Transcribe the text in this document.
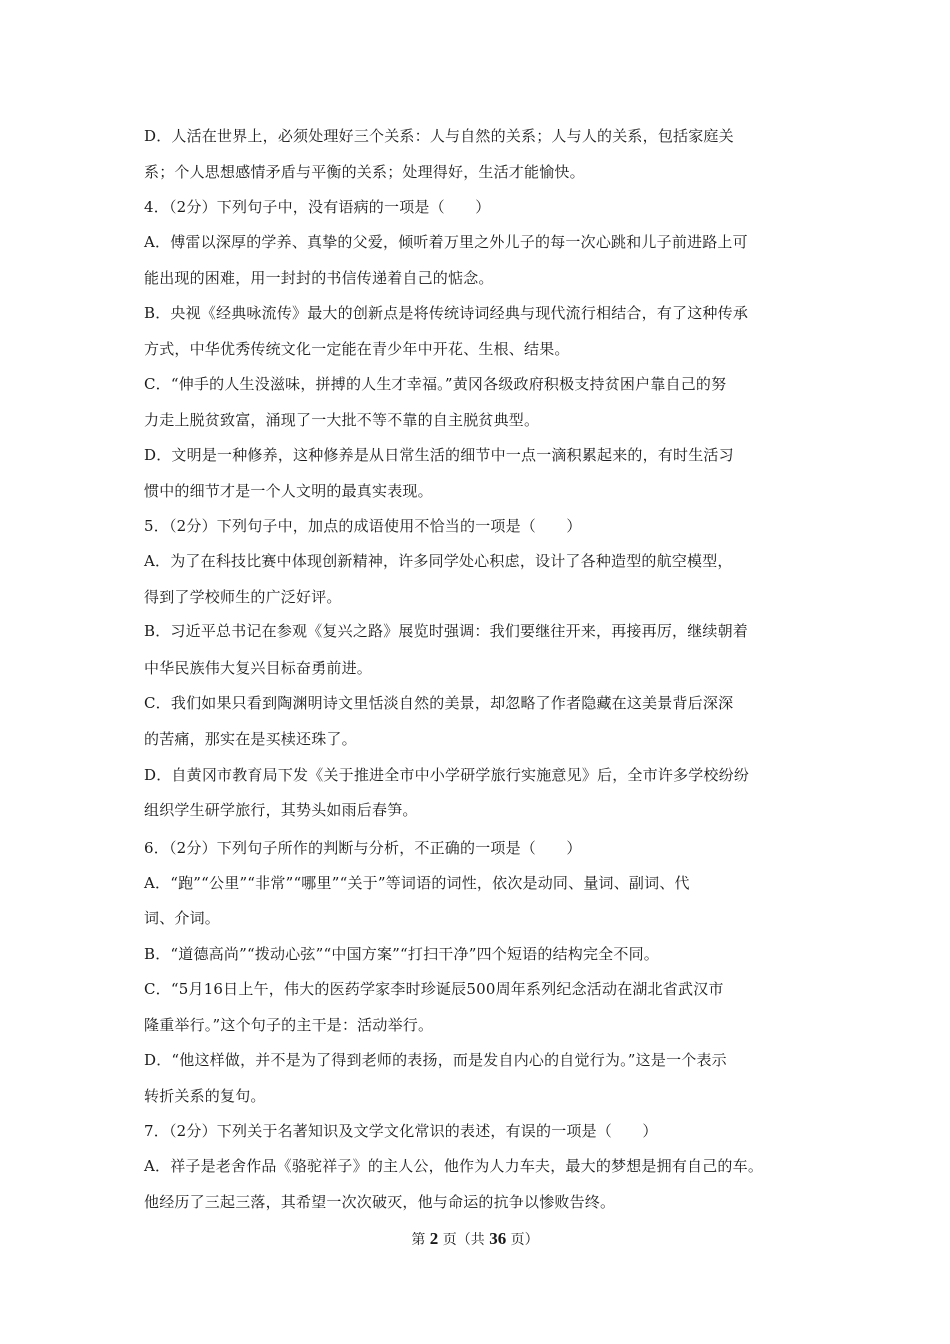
D．人活在世界上，必须处理好三个关系：人与自然的关系；人与人的关系，包括家庭关
系；个人思想感情矛盾与平衡的关系；处理得好，生活才能愉快。
4．（2分）下列句子中，没有语病的一项是（　　）
A．傅雷以深厚的学养、真挚的父爱，倾听着万里之外儿子的每一次心跳和儿子前进路上可
能出现的困难，用一封封的书信传递着自己的惦念。
B．央视《经典咏流传》最大的创新点是将传统诗词经典与现代流行相结合，有了这种传承
方式，中华优秀传统文化一定能在青少年中开花、生根、结果。
C．“伸手的人生没滋味，拼搏的人生才幸福。”黄冈各级政府积极支持贫困户靠自己的努
力走上脱贫致富，涌现了一大批不等不靠的自主脱贫典型。
D．文明是一种修养，这种修养是从日常生活的细节中一点一滴积累起来的，有时生活习
惯中的细节才是一个人文明的最真实表现。
5．（2分）下列句子中，加点的成语使用不恰当的一项是（　　）
A．为了在科技比赛中体现创新精神，许多同学处心积虑，设计了各种造型的航空模型，
得到了学校师生的广泛好评。
B．习近平总书记在参观《复兴之路》展览时强调：我们要继往开来，再接再厉，继续朝着
中华民族伟大复兴目标奋勇前进。
C．我们如果只看到陶渊明诗文里恬淡自然的美景，却忽略了作者隐藏在这美景背后深深
的苦痛，那实在是买椟还珠了。
D．自黄冈市教育局下发《关于推进全市中小学研学旅行实施意见》后，全市许多学校纷纷
组织学生研学旅行，其势头如雨后春笋。
6．（2分）下列句子所作的判断与分析，不正确的一项是（　　）
A．“跑”“公里”“非常”“哪里”“关于”等词语的词性，依次是动同、量词、副词、代
词、介词。
B．“道德高尚”“拨动心弦”“中国方案”“打扫干净”四个短语的结构完全不同。
C．“5月16日上午，伟大的医药学家李时珍诞辰500周年系列纪念活动在湖北省武汉市
隆重举行。”这个句子的主干是：活动举行。
D．“他这样做，并不是为了得到老师的表扬，而是发自内心的自觉行为。”这是一个表示
转折关系的复句。
7．（2分）下列关于名著知识及文学文化常识的表述，有误的一项是（　　）
A．祥子是老舍作品《骆驼祥子》的主人公，他作为人力车夫，最大的梦想是拥有自己的车。
他经历了三起三落，其希望一次次破灭，他与命运的抗争以惨败告终。
第 2 页（共 36 页）
